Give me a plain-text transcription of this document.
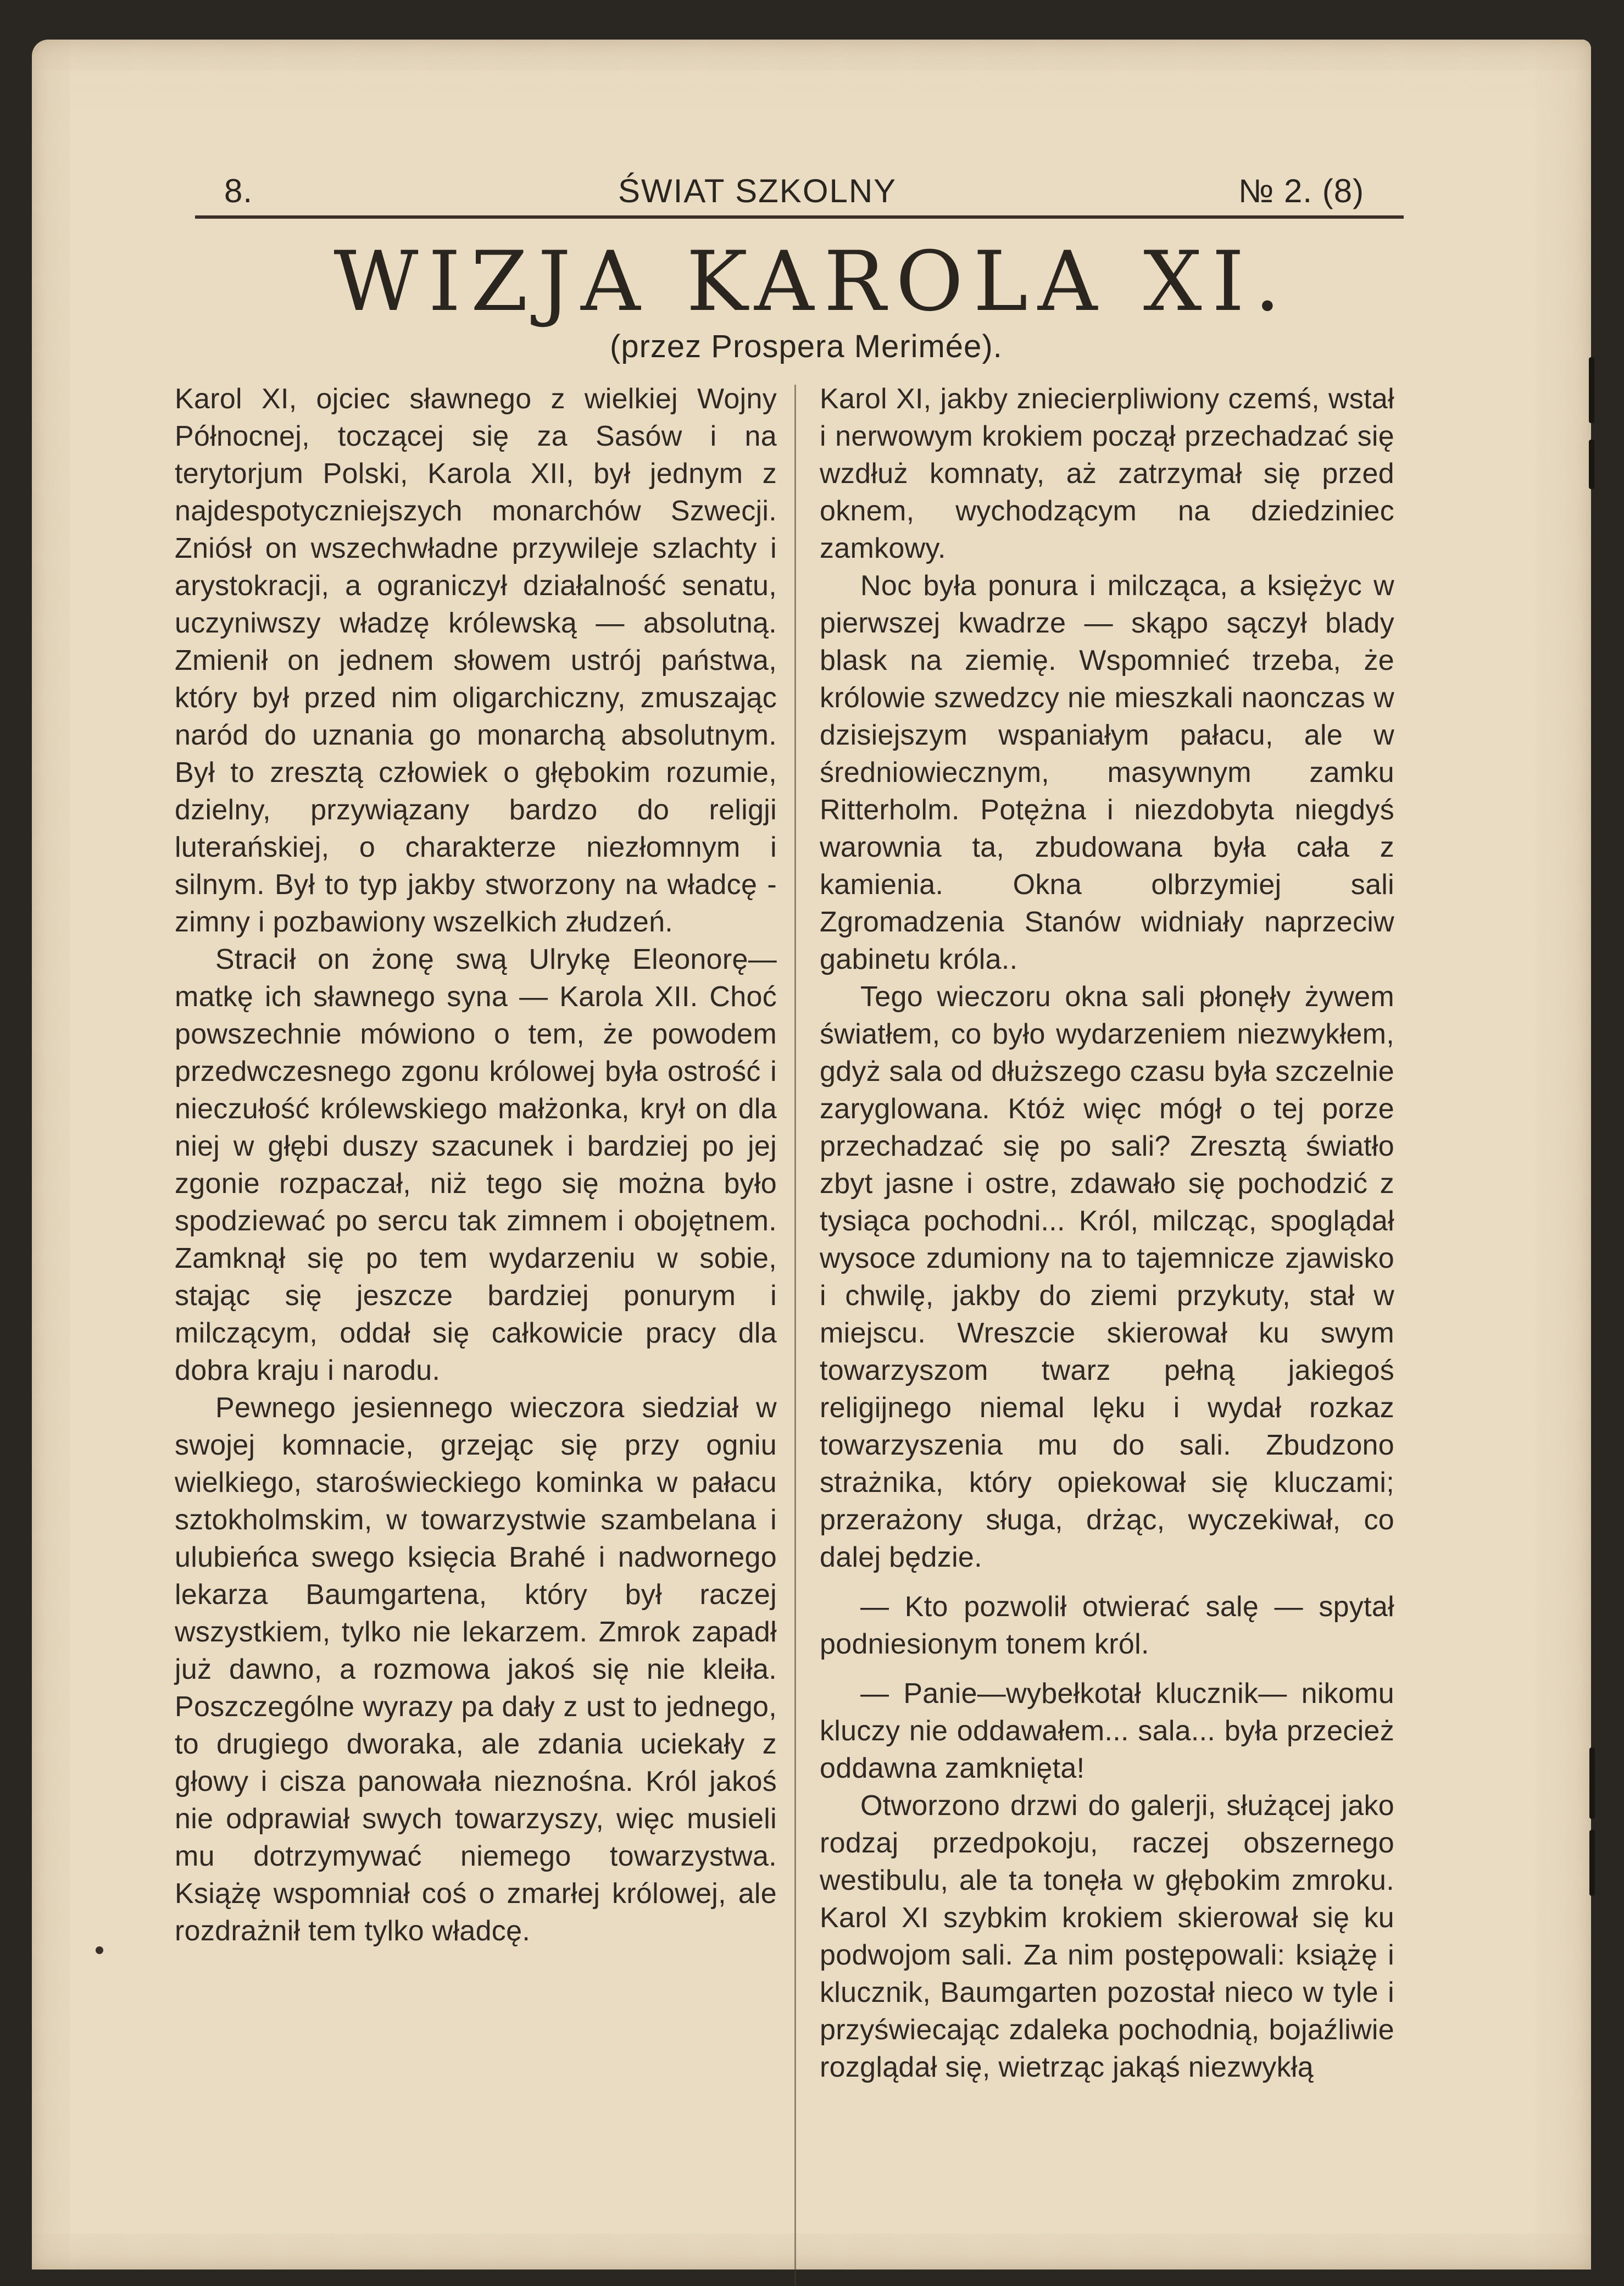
8.	ŚWIAT SZKOLNY	№ 2. (8)
WIZJA KAROLA XI.
(przez Prospera Merimée).

Karol XI, ojciec sławnego z wielkiej Wojny Północnej, toczącej się za Sasów i na terytorjum Polski, Karola XII, był jednym z najdespotyczniejszych monarchów Szwecji. Zniósł on wszechwładne przywileje szlachty i arystokracji, a ograniczył działalność senatu, uczyniwszy władzę królewską — absolutną. Zmienił on jednem słowem ustrój państwa, który był przed nim oligarchiczny, zmuszając naród do uznania go monarchą absolutnym. Był to zresztą człowiek o głębokim rozumie, dzielny, przywiązany bardzo do religji luterańskiej, o charakterze niezłomnym i silnym. Był to typ jakby stworzony na władcę - zimny i pozbawiony wszelkich złudzeń.

Stracił on żonę swą Ulrykę Eleonorę— matkę ich sławnego syna — Karola XII. Choć powszechnie mówiono o tem, że powodem przedwczesnego zgonu królowej była ostrość i nieczułość królewskiego małżonka, krył on dla niej w głębi duszy szacunek i bardziej po jej zgonie rozpaczał, niż tego się można było spodziewać po sercu tak zimnem i obojętnem. Zamknął się po tem wydarzeniu w sobie, stając się jeszcze bardziej ponurym i milczącym, oddał się całkowicie pracy dla dobra kraju i narodu.

Pewnego jesiennego wieczora siedział w swojej komnacie, grzejąc się przy ogniu wielkiego, staroświeckiego kominka w pałacu sztokholmskim, w towarzystwie szambelana i ulubieńca swego księcia Brahé i nadwornego lekarza Baumgartena, który był raczej wszystkiem, tylko nie lekarzem. Zmrok zapadł już dawno, a rozmowa jakoś się nie kleiła. Poszczególne wyrazy pa dały z ust to jednego, to drugiego dworaka, ale zdania uciekały z głowy i cisza panowała nieznośna. Król jakoś nie odprawiał swych towarzyszy, więc musieli mu dotrzymywać niemego towarzystwa. Książę wspomniał coś o zmarłej królowej, ale rozdrażnił tem tylko władcę.

Karol XI, jakby zniecierpliwiony czemś, wstał i nerwowym krokiem począł przechadzać się wzdłuż komnaty, aż zatrzymał się przed oknem, wychodzącym na dziedziniec zamkowy.

Noc była ponura i milcząca, a księżyc w pierwszej kwadrze — skąpo sączył blady blask na ziemię. Wspomnieć trzeba, że królowie szwedzcy nie mieszkali naonczas w dzisiejszym wspaniałym pałacu, ale w średniowiecznym, masywnym zamku Ritterholm. Potężna i niezdobyta niegdyś warownia ta, zbudowana była cała z kamienia. Okna olbrzymiej sali Zgromadzenia Stanów widniały naprzeciw gabinetu króla..

Tego wieczoru okna sali płonęły żywem światłem, co było wydarzeniem niezwykłem, gdyż sala od dłuższego czasu była szczelnie zaryglowana. Któż więc mógł o tej porze przechadzać się po sali? Zresztą światło zbyt jasne i ostre, zdawało się pochodzić z tysiąca pochodni... Król, milcząc, spoglądał wysoce zdumiony na to tajemnicze zjawisko i chwilę, jakby do ziemi przykuty, stał w miejscu. Wreszcie skierował ku swym towarzyszom twarz pełną jakiegoś religijnego niemal lęku i wydał rozkaz towarzyszenia mu do sali. Zbudzono strażnika, który opiekował się kluczami; przerażony sługa, drżąc, wyczekiwał, co dalej będzie.

— Kto pozwolił otwierać salę — spytał podniesionym tonem król.

— Panie—wybełkotał klucznik— nikomu kluczy nie oddawałem... sala... była przecież oddawna zamknięta!

Otworzono drzwi do galerji, służącej jako rodzaj przedpokoju, raczej obszernego westibulu, ale ta tonęła w głębokim zmroku. Karol XI szybkim krokiem skierował się ku podwojom sali. Za nim postępowali: książę i klucznik, Baumgarten pozostał nieco w tyle i przyświecając zdaleka pochodnią, bojaźliwie rozglądał się, wietrząc jakąś niezwykłą
